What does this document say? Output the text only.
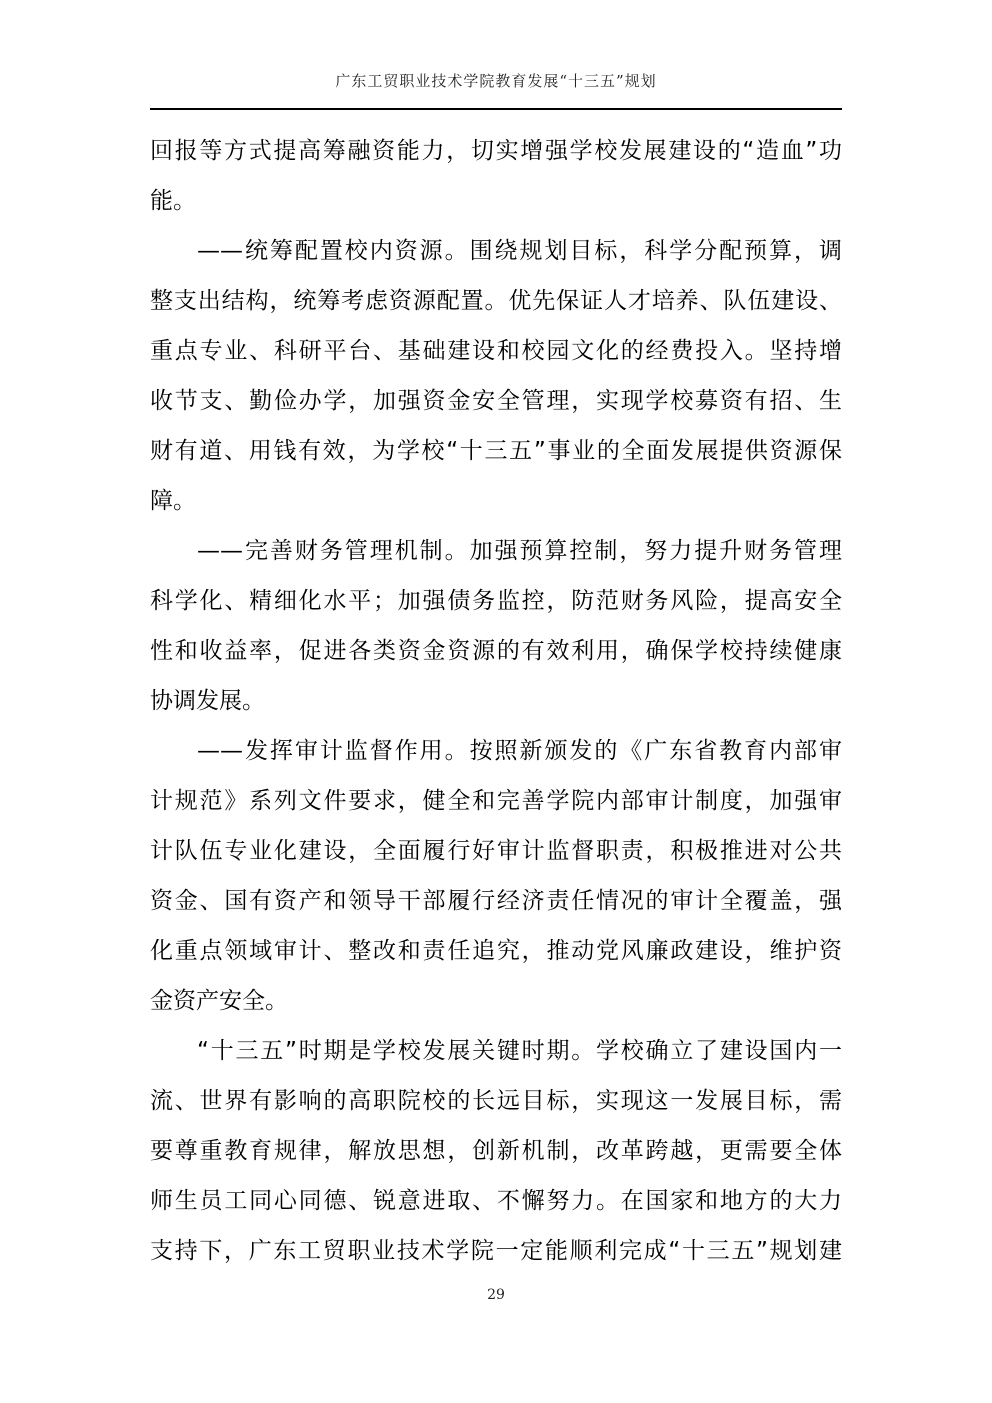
广东工贸职业技术学院教育发展“十三五”规划
回报等方式提高筹融资能力，切实增强学校发展建设的“造血”功
能。
——统筹配置校内资源。围绕规划目标，科学分配预算，调
整支出结构，统筹考虑资源配置。优先保证人才培养、队伍建设、
重点专业、科研平台、基础建设和校园文化的经费投入。坚持增
收节支、勤俭办学，加强资金安全管理，实现学校募资有招、生
财有道、用钱有效，为学校“十三五”事业的全面发展提供资源保
障。
——完善财务管理机制。加强预算控制，努力提升财务管理
科学化、精细化水平；加强债务监控，防范财务风险，提高安全
性和收益率，促进各类资金资源的有效利用，确保学校持续健康
协调发展。
——发挥审计监督作用。按照新颁发的《广东省教育内部审
计规范》系列文件要求，健全和完善学院内部审计制度，加强审
计队伍专业化建设，全面履行好审计监督职责，积极推进对公共
资金、国有资产和领导干部履行经济责任情况的审计全覆盖，强
化重点领域审计、整改和责任追究，推动党风廉政建设，维护资
金资产安全。
“十三五”时期是学校发展关键时期。学校确立了建设国内一
流、世界有影响的高职院校的长远目标，实现这一发展目标，需
要尊重教育规律，解放思想，创新机制，改革跨越，更需要全体
师生员工同心同德、锐意进取、不懈努力。在国家和地方的大力
支持下，广东工贸职业技术学院一定能顺利完成“十三五”规划建
29
